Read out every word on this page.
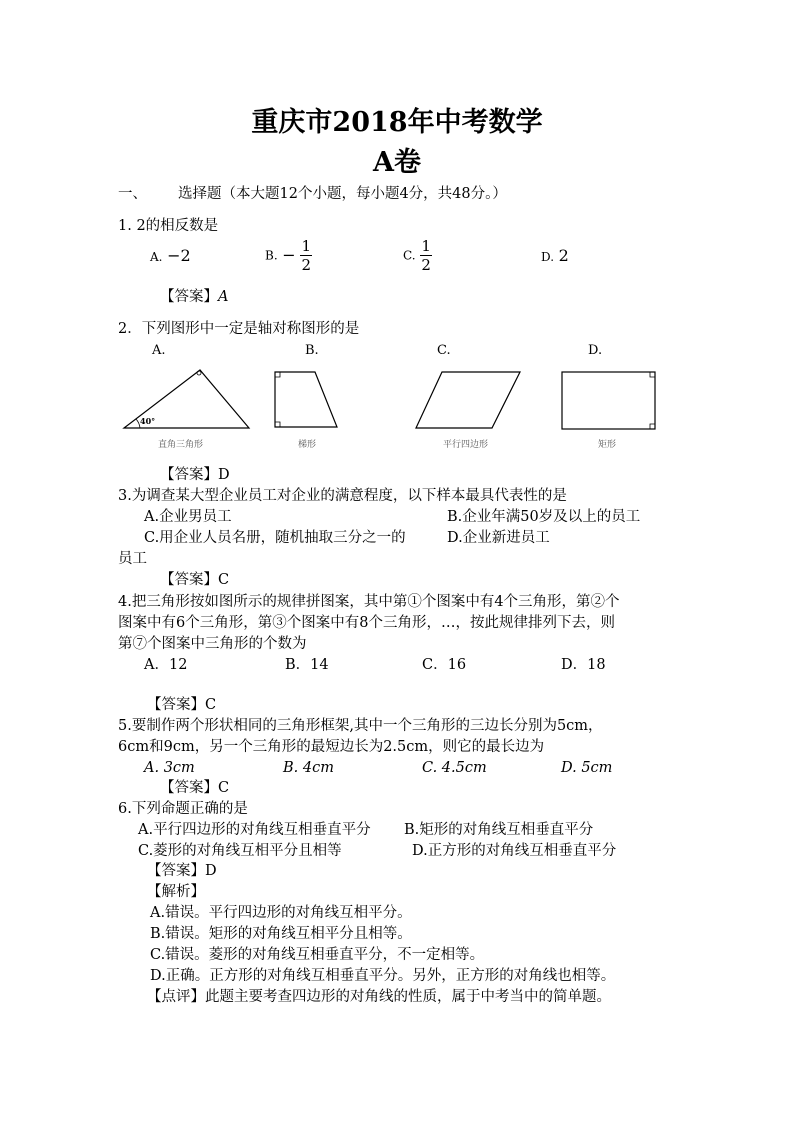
重庆市2018年中考数学
A卷
一、 选择题（本大题12个小题，每小题4分，共48分。）
1. 2的相反数是
A. −2	B. − $\frac{1}{2}$	C. $\frac{1}{2}$	D. 2
【答案】A
2．下列图形中一定是轴对称图形的是
A.	B.	C.	D.
40°
直角三角形	梯形	平行四边形	矩形
【答案】D
3.为调查某大型企业员工对企业的满意程度，以下样本最具代表性的是
A.企业男员工	B.企业年满50岁及以上的员工
C.用企业人员名册，随机抽取三分之一的	D.企业新进员工
员工
【答案】C
4.把三角形按如图所示的规律拼图案，其中第①个图案中有4个三角形，第②个
图案中有6个三角形，第③个图案中有8个三角形，…，按此规律排列下去，则
第⑦个图案中三角形的个数为
A．12	B．14	C．16	D．18
【答案】C
5.要制作两个形状相同的三角形框架,其中一个三角形的三边长分别为5cm，
6cm和9cm，另一个三角形的最短边长为2.5cm，则它的最长边为
A. 3cm	B. 4cm	C. 4.5cm	D. 5cm
【答案】C
6.下列命题正确的是
A.平行四边形的对角线互相垂直平分 B.矩形的对角线互相垂直平分
C.菱形的对角线互相平分且相等	D.正方形的对角线互相垂直平分
【答案】D
【解析】
A.错误。平行四边形的对角线互相平分。
B.错误。矩形的对角线互相平分且相等。
C.错误。菱形的对角线互相垂直平分，不一定相等。
D.正确。正方形的对角线互相垂直平分。另外，正方形的对角线也相等。
【点评】此题主要考查四边形的对角线的性质，属于中考当中的简单题。
